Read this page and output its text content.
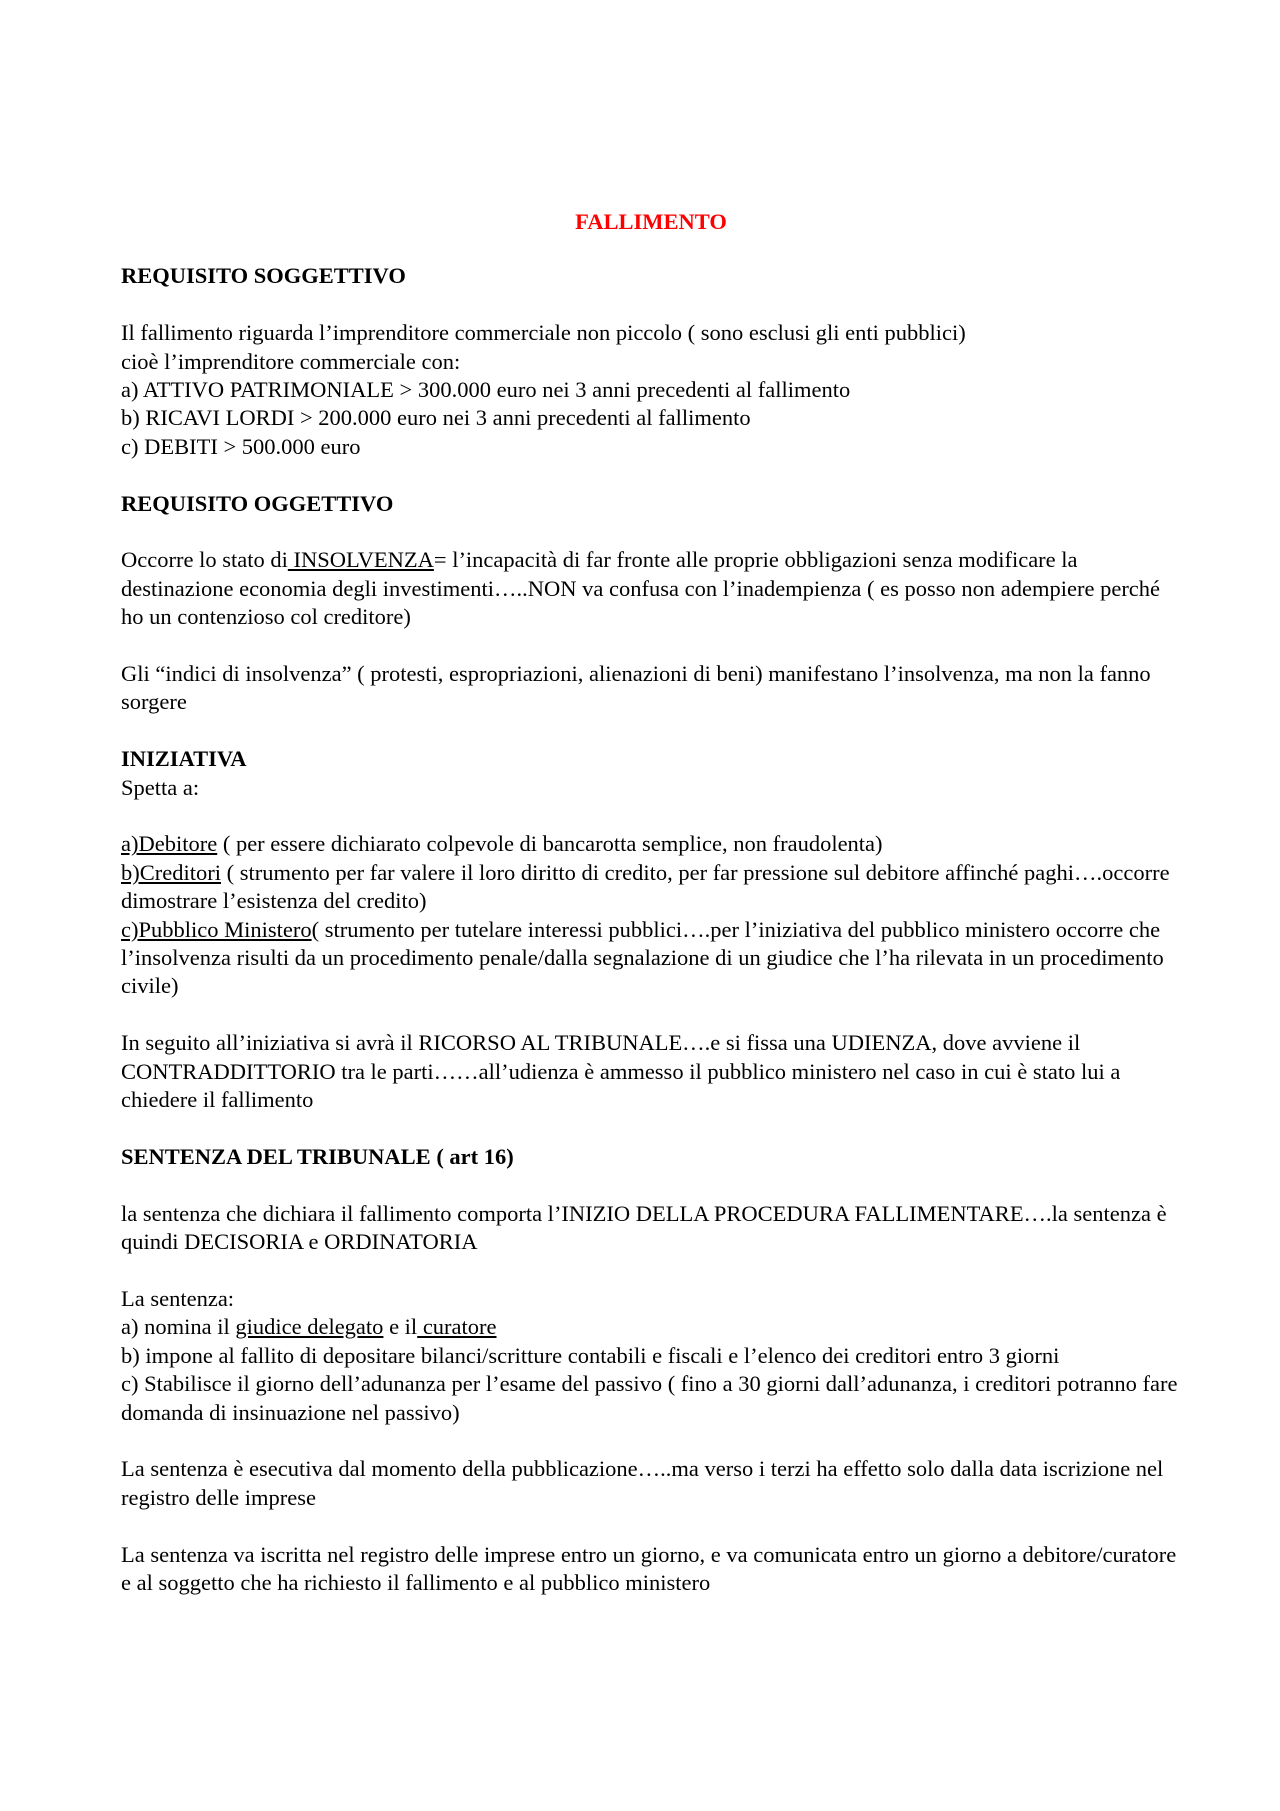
FALLIMENTO

REQUISITO SOGGETTIVO

Il fallimento riguarda l’imprenditore commerciale non piccolo ( sono esclusi gli enti pubblici)

cioè l’imprenditore commerciale con:

a) ATTIVO PATRIMONIALE > 300.000 euro nei 3 anni precedenti al fallimento

b) RICAVI LORDI > 200.000 euro nei 3 anni precedenti al fallimento

c) DEBITI > 500.000 euro

REQUISITO OGGETTIVO

Occorre lo stato di INSOLVENZA= l’incapacità di far fronte alle proprie obbligazioni senza modificare la destinazione economia degli investimenti…..NON va confusa con l’inadempienza ( es posso non adempiere perché ho un contenzioso col creditore)

Gli “indici di insolvenza” ( protesti, espropriazioni, alienazioni di beni) manifestano l’insolvenza, ma non la fanno sorgere

INIZIATIVA

Spetta a:

a)Debitore ( per essere dichiarato colpevole di bancarotta semplice, non fraudolenta)

b)Creditori ( strumento per far valere il loro diritto di credito, per far pressione sul debitore affinché paghi….occorre dimostrare l’esistenza del credito)

c)Pubblico Ministero( strumento per tutelare interessi pubblici….per l’iniziativa del pubblico ministero occorre che l’insolvenza risulti da un procedimento penale/dalla segnalazione di un giudice che l’ha rilevata in un procedimento civile)

In seguito all’iniziativa si avrà il RICORSO AL TRIBUNALE….e si fissa una UDIENZA, dove avviene il CONTRADDITTORIO tra le parti……all’udienza è ammesso il pubblico ministero nel caso in cui è stato lui a chiedere il fallimento

SENTENZA DEL TRIBUNALE ( art 16)

la sentenza che dichiara il fallimento comporta l’INIZIO DELLA PROCEDURA FALLIMENTARE….la sentenza è quindi DECISORIA e ORDINATORIA

La sentenza:

a) nomina il giudice delegato e il curatore

b) impone al fallito di depositare bilanci/scritture contabili e fiscali e l’elenco dei creditori entro 3 giorni

c) Stabilisce il giorno dell’adunanza per l’esame del passivo ( fino a 30 giorni dall’adunanza, i creditori potranno fare domanda di insinuazione nel passivo)

La sentenza è esecutiva dal momento della pubblicazione…..ma verso i terzi ha effetto solo dalla data iscrizione nel registro delle imprese

La sentenza va iscritta nel registro delle imprese entro un giorno, e va comunicata entro un giorno a debitore/curatore e al soggetto che ha richiesto il fallimento e al pubblico ministero
